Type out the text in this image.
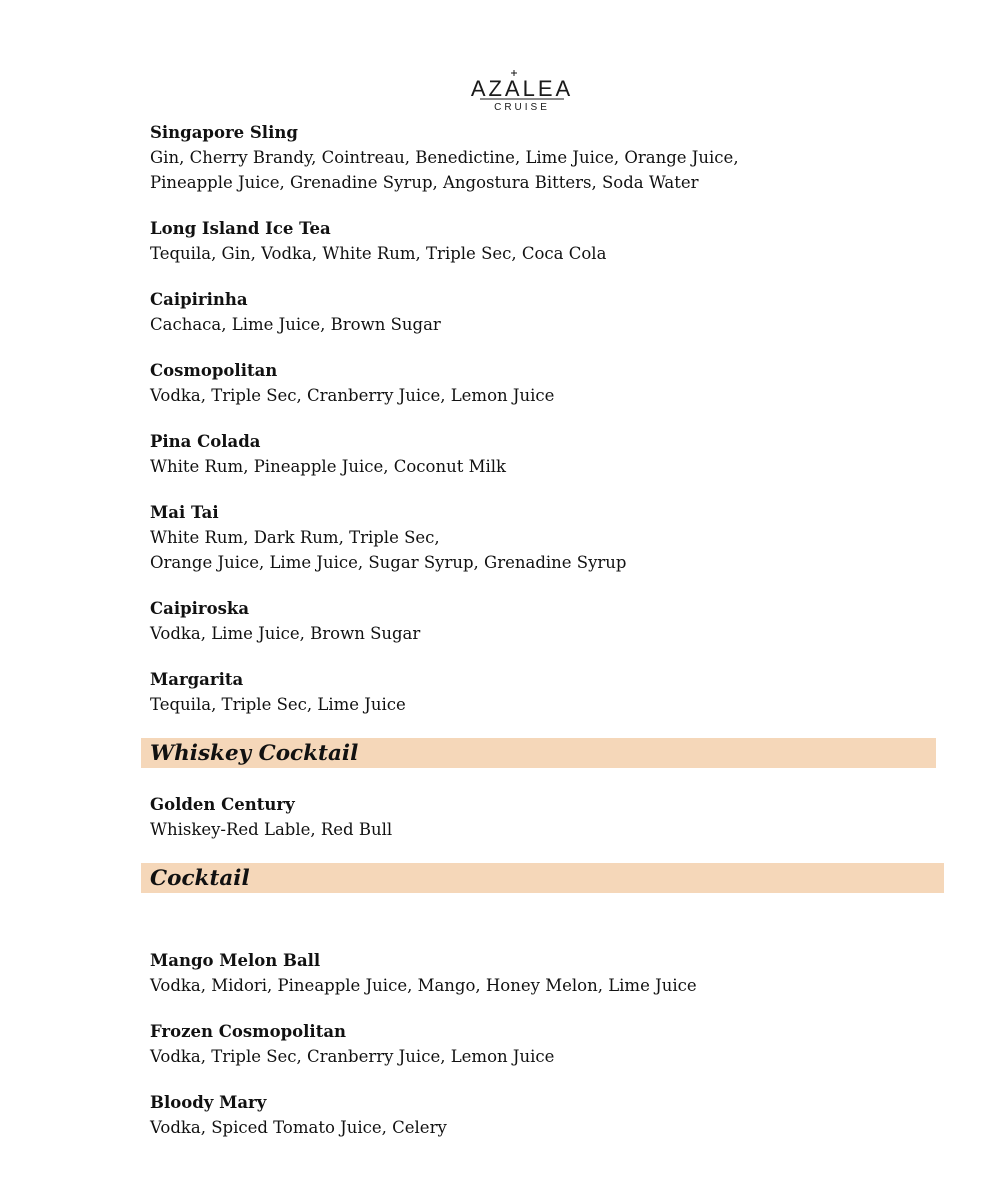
AZALEA
CRUISE
Singapore Sling
Gin, Cherry Brandy, Cointreau, Benedictine, Lime Juice, Orange Juice,
Pineapple Juice, Grenadine Syrup, Angostura Bitters, Soda Water
Long Island Ice Tea
Tequila, Gin, Vodka, White Rum, Triple Sec, Coca Cola
Caipirinha
Cachaca, Lime Juice, Brown Sugar
Cosmopolitan
Vodka, Triple Sec, Cranberry Juice, Lemon Juice
Pina Colada
White Rum, Pineapple Juice, Coconut Milk
Mai Tai
White Rum, Dark Rum, Triple Sec,
Orange Juice, Lime Juice, Sugar Syrup, Grenadine Syrup
Caipiroska
Vodka, Lime Juice, Brown Sugar
Margarita
Tequila, Triple Sec, Lime Juice
Whiskey Cocktail
Golden Century
Whiskey-Red Lable, Red Bull
Cocktail
Mango Melon Ball
Vodka, Midori, Pineapple Juice, Mango, Honey Melon, Lime Juice
Frozen Cosmopolitan
Vodka, Triple Sec, Cranberry Juice, Lemon Juice
Bloody Mary
Vodka, Spiced Tomato Juice, Celery
